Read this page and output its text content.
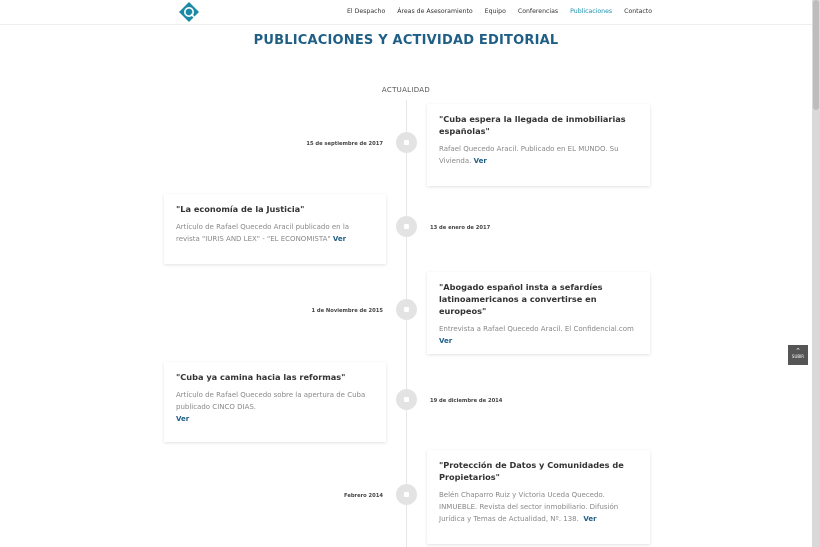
El Despacho Áreas de Asesoramiento Equipo Conferencias Publicaciones Contacto
PUBLICACIONES Y ACTIVIDAD EDITORIAL
ACTUALIDAD
"Cuba espera la llegada de inmobiliarias españolas"

Rafael Quecedo Aracil. Publicado en EL MUNDO. Su Vivienda. Ver

15 de septiembre de 2017
"La economía de la Justicia"

Artículo de Rafael Quecedo Aracil publicado en la revista "IURIS AND LEX" - "EL ECONOMISTA" Ver

13 de enero de 2017
"Abogado español insta a sefardíes latinoamericanos a convertirse en europeos"

Entrevista a Rafael Quecedo Aracil. El Confidencial.com Ver

1 de Noviembre de 2015
"Cuba ya camina hacia las reformas"

Artículo de Rafael Quecedo sobre la apertura de Cuba publicado CINCO DIAS.
Ver

19 de diciembre de 2014
"Protección de Datos y Comunidades de Propietarios"

Belén Chaparro Ruiz y Victoria Uceda Quecedo. INMUEBLE. Revista del sector inmobiliario. Difusión Jurídica y Temas de Actualidad, Nº. 138. Ver

Febrero 2014
⌃
SUBIR
